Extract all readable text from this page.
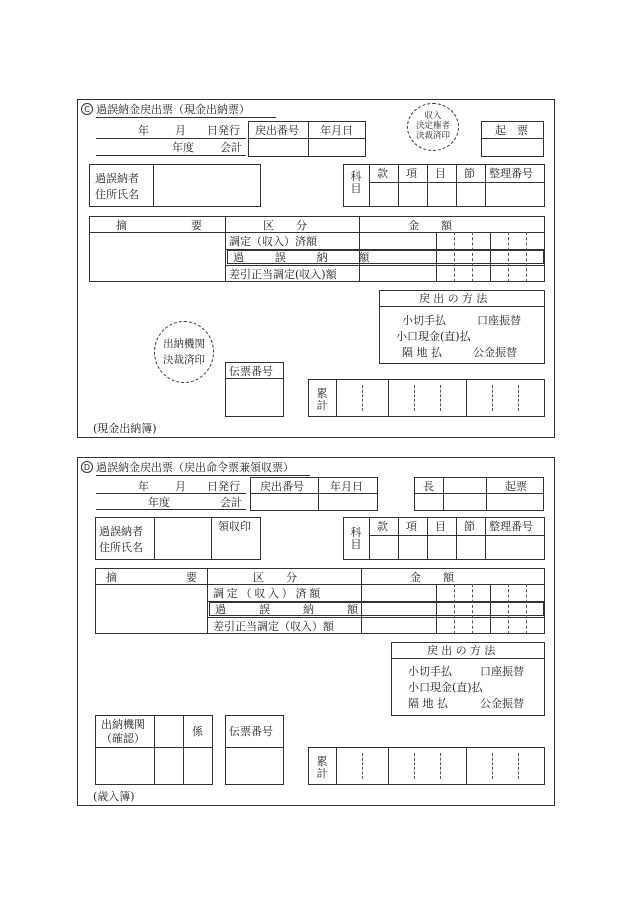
C 過誤納金戻出票（現金出納票）
年 月 日発行
年度 会計
戻出番号 年月日
収入
決定権者
決裁済印	起　票
過誤納者
住所氏名
科
目
款 項 目 節 整理番号
摘	要	区　　分	金　　額
調定（収入）済額
過　誤　納　額
差引正当調定(収入)額
戻出の方法
小切手払	口座振替
小口現金(直)払
隔 地 払	公金振替
出納機関
決裁済印
伝票番号
累
計
(現金出納簿)
D 過誤納金戻出票（戻出命令票兼領収票）
年 月 日発行
年度	会計
戻出番号 年月日	長	起票
過誤納者
住所氏名
領収印	科
目
款 項 目 節 整理番号
摘	要	区　　分	金　　額
調定（収入）済額
過　誤　納　額
差引正当調定（収入）額
戻出の方法
小切手払	口座振替
小口現金(直)払
隔 地 払	公金振替
出納機関
（確認）
係 伝票番号
累
計
(歳入簿)
